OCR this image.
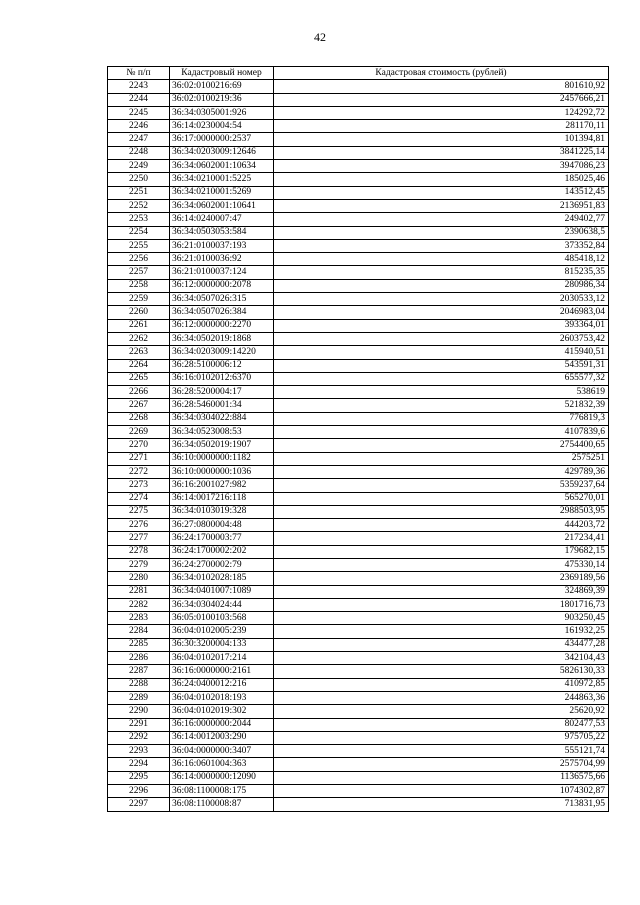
42
№ п/п	Кадастровый номер	Кадастровая стоимость (рублей)
2243	36:02:0100216:69	801610,92
2244	36:02:0100219:36	2457666,21
2245	36:34:0305001:926	124292,72
2246	36:14:0230004:54	281170,11
2247	36:17:0000000:2537	101394,81
2248	36:34:0203009:12646	3841225,14
2249	36:34:0602001:10634	3947086,23
2250	36:34:0210001:5225	185025,46
2251	36:34:0210001:5269	143512,45
2252	36:34:0602001:10641	2136951,83
2253	36:14:0240007:47	249402,77
2254	36:34:0503053:584	2390638,5
2255	36:21:0100037:193	373352,84
2256	36:21:0100036:92	485418,12
2257	36:21:0100037:124	815235,35
2258	36:12:0000000:2078	280986,34
2259	36:34:0507026:315	2030533,12
2260	36:34:0507026:384	2046983,04
2261	36:12:0000000:2270	393364,01
2262	36:34:0502019:1868	2603753,42
2263	36:34:0203009:14220	415940,51
2264	36:28:5100006:12	543591,31
2265	36:16:0102012:6370	655577,32
2266	36:28:5200004:17	538619
2267	36:28:5460001:34	521832,39
2268	36:34:0304022:884	776819,3
2269	36:34:0523008:53	4107839,6
2270	36:34:0502019:1907	2754400,65
2271	36:10:0000000:1182	2575251
2272	36:10:0000000:1036	429789,36
2273	36:16:2001027:982	5359237,64
2274	36:14:0017216:118	565270,01
2275	36:34:0103019:328	2988503,95
2276	36:27:0800004:48	444203,72
2277	36:24:1700003:77	217234,41
2278	36:24:1700002:202	179682,15
2279	36:24:2700002:79	475330,14
2280	36:34:0102028:185	2369189,56
2281	36:34:0401007:1089	324869,39
2282	36:34:0304024:44	1801716,73
2283	36:05:0100103:568	903250,45
2284	36:04:0102005:239	161932,25
2285	36:30:3200004:133	434477,28
2286	36:04:0102017:214	342104,43
2287	36:16:0000000:2161	5826130,33
2288	36:24:0400012:216	410972,85
2289	36:04:0102018:193	244863,36
2290	36:04:0102019:302	25620,92
2291	36:16:0000000:2044	802477,53
2292	36:14:0012003:290	975705,22
2293	36:04:0000000:3407	555121,74
2294	36:16:0601004:363	2575704,99
2295	36:14:0000000:12090	1136575,66
2296	36:08:1100008:175	1074302,87
2297	36:08:1100008:87	713831,95
